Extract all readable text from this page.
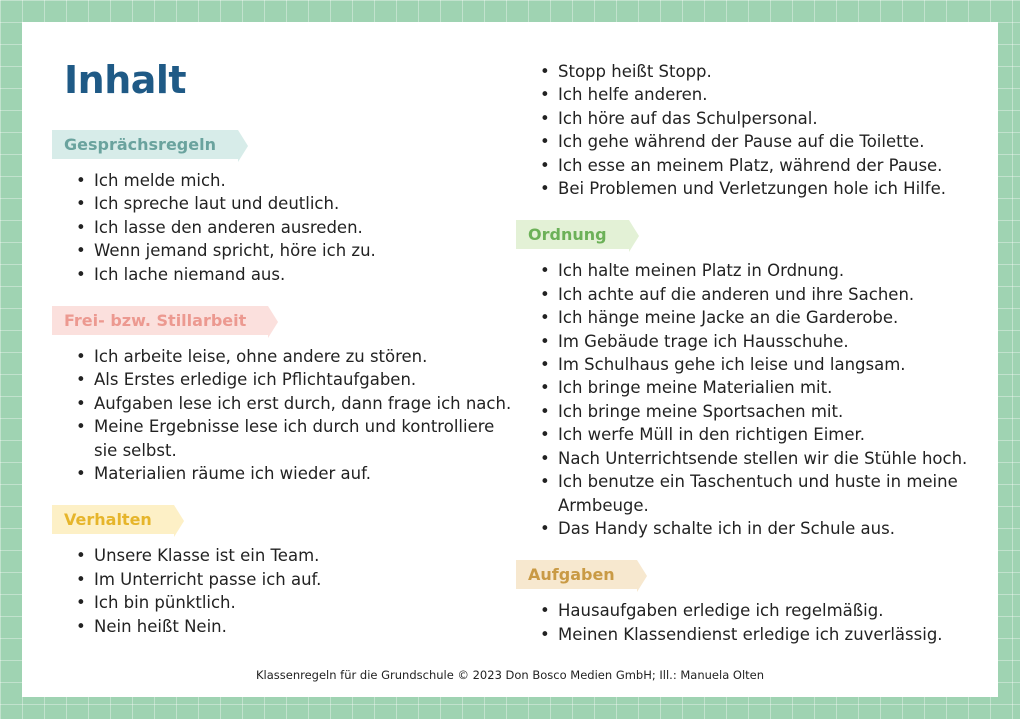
Inhalt
Gesprächsregeln
• Ich melde mich.
• Ich spreche laut und deutlich.
• Ich lasse den anderen ausreden.
• Wenn jemand spricht, höre ich zu.
• Ich lache niemand aus.
Frei- bzw. Stillarbeit
• Ich arbeite leise, ohne andere zu stören.
• Als Erstes erledige ich Pflichtaufgaben.
• Aufgaben lese ich erst durch, dann frage ich nach.
• Meine Ergebnisse lese ich durch und kontrolliere sie selbst.
• Materialien räume ich wieder auf.
Verhalten
• Unsere Klasse ist ein Team.
• Im Unterricht passe ich auf.
• Ich bin pünktlich.
• Nein heißt Nein.
• Stopp heißt Stopp.
• Ich helfe anderen.
• Ich höre auf das Schulpersonal.
• Ich gehe während der Pause auf die Toilette.
• Ich esse an meinem Platz, während der Pause.
• Bei Problemen und Verletzungen hole ich Hilfe.
Ordnung
• Ich halte meinen Platz in Ordnung.
• Ich achte auf die anderen und ihre Sachen.
• Ich hänge meine Jacke an die Garderobe.
• Im Gebäude trage ich Hausschuhe.
• Im Schulhaus gehe ich leise und langsam.
• Ich bringe meine Materialien mit.
• Ich bringe meine Sportsachen mit.
• Ich werfe Müll in den richtigen Eimer.
• Nach Unterrichtsende stellen wir die Stühle hoch.
• Ich benutze ein Taschentuch und huste in meine Armbeuge.
• Das Handy schalte ich in der Schule aus.
Aufgaben
• Hausaufgaben erledige ich regelmäßig.
• Meinen Klassendienst erledige ich zuverlässig.
Klassenregeln für die Grundschule © 2023 Don Bosco Medien GmbH; Ill.: Manuela Olten
